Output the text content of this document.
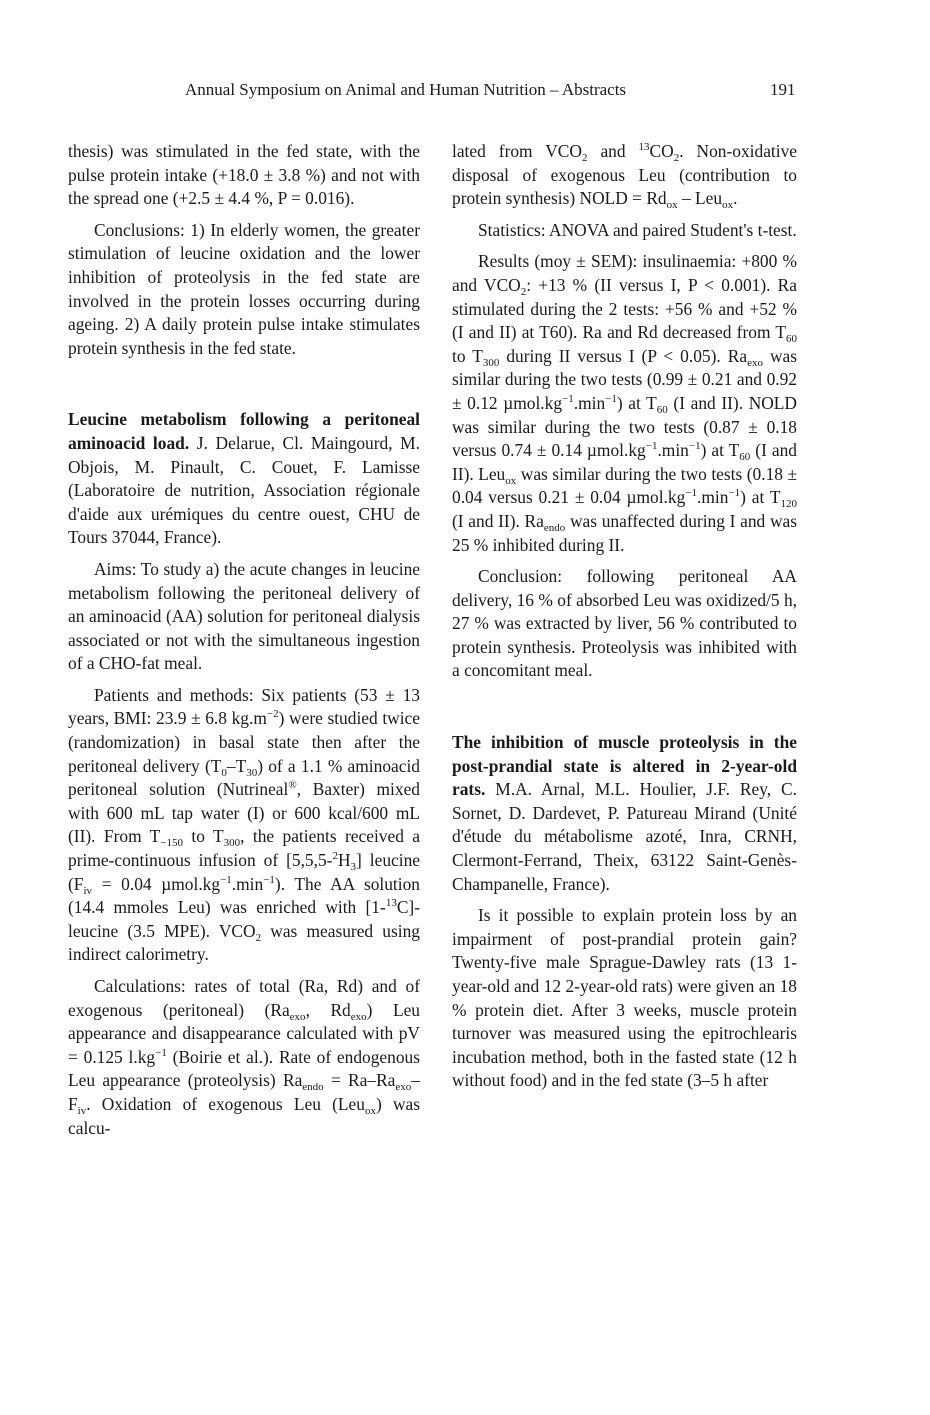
Annual Symposium on Animal and Human Nutrition – Abstracts	191

thesis) was stimulated in the fed state, with the pulse protein intake (+18.0 ± 3.8 %) and not with the spread one (+2.5 ± 4.4 %, P = 0.016).

Conclusions: 1) In elderly women, the greater stimulation of leucine oxidation and the lower inhibition of proteolysis in the fed state are involved in the protein losses occurring during ageing. 2) A daily protein pulse intake stimulates protein synthesis in the fed state.

Leucine metabolism following a peritoneal aminoacid load. J. Delarue, Cl. Maingourd, M. Objois, M. Pinault, C. Couet, F. Lamisse (Laboratoire de nutrition, Association régionale d'aide aux urémiques du centre ouest, CHU de Tours 37044, France).

Aims: To study a) the acute changes in leucine metabolism following the peritoneal delivery of an aminoacid (AA) solution for peritoneal dialysis associated or not with the simultaneous ingestion of a CHO-fat meal.

Patients and methods: Six patients (53 ± 13 years, BMI: 23.9 ± 6.8 $kg.m^{-2}$) were studied twice (randomization) in basal state then after the peritoneal delivery $(T_0-T_{30})$ of a 1.1 % aminoacid peritoneal solution (Nutrineal®, Baxter) mixed with 600 mL tap water (I) or 600 kcal/600 mL (II). From $T_{-150}$ to $T_{300}$, the patients received a prime-continuous infusion of $[5,5,5-^2H_3]$ leucine ($F_{iv} = 0.04$ $\mu mol.kg^{-1}.\min^{-1}$). The AA solution (14.4 mmoles Leu) was enriched with [1-$^{13}$C]-leucine (3.5 MPE). $VCO_2$ was measured using indirect calorimetry.

Calculations: rates of total (Ra, Rd) and of exogenous (peritoneal) ($Ra_{exo}$, $Rd_{exo}$) Leu appearance and disappearance calculated with pV = 0.125 $l.kg^{-1}$ (Boirie et al.). Rate of endogenous Leu appearance (proteolysis) $Ra_{endo} = Ra-Ra_{exo}-F_{iv}$. Oxidation of exogenous Leu (Leu$_{ox}$) was calcu-

lated from $VCO_2$ and $^{13}CO_2$. Non-oxidative disposal of exogenous Leu (contribution to protein synthesis) NOLD = $Rd_{ox} - Leu_{ox}$.

Statistics: ANOVA and paired Student's t-test.

Results (moy ± SEM): insulinaemia: +800 % and $VCO_2$: +13 % (II versus I, P < 0.001). Ra stimulated during the 2 tests: +56 % and +52 % (I and II) at T60). Ra and Rd decreased from $T_{60}$ to $T_{300}$ during II versus I (P < 0.05). $Ra_{exo}$ was similar during the two tests (0.99 ± 0.21 and 0.92 ± 0.12 $\mu mol.kg^{-1}.\min^{-1}$) at $T_{60}$ (I and II). NOLD was similar during the two tests (0.87 ± 0.18 versus 0.74 ± 0.14 $\mu mol.kg^{-1}.\min^{-1}$) at $T_{60}$ (I and II). Leu$_{ox}$ was similar during the two tests (0.18 ± 0.04 versus 0.21 ± 0.04 $\mu mol.kg^{-1}.\min^{-1}$) at $T_{120}$ (I and II). $Ra_{endo}$ was unaffected during I and was 25 % inhibited during II.

Conclusion: following peritoneal AA delivery, 16 % of absorbed Leu was oxidized/5 h, 27 % was extracted by liver, 56 % contributed to protein synthesis. Proteolysis was inhibited with a concomitant meal.

The inhibition of muscle proteolysis in the post-prandial state is altered in 2-year-old rats. M.A. Arnal, M.L. Houlier, J.F. Rey, C. Sornet, D. Dardevet, P. Patureau Mirand (Unité d'étude du métabolisme azoté, Inra, CRNH, Clermont-Ferrand, Theix, 63122 Saint-Genès-Champanelle, France).

Is it possible to explain protein loss by an impairment of post-prandial protein gain? Twenty-five male Sprague-Dawley rats (13 1-year-old and 12 2-year-old rats) were given an 18 % protein diet. After 3 weeks, muscle protein turnover was measured using the epitrochlearis incubation method, both in the fasted state (12 h without food) and in the fed state (3–5 h after
